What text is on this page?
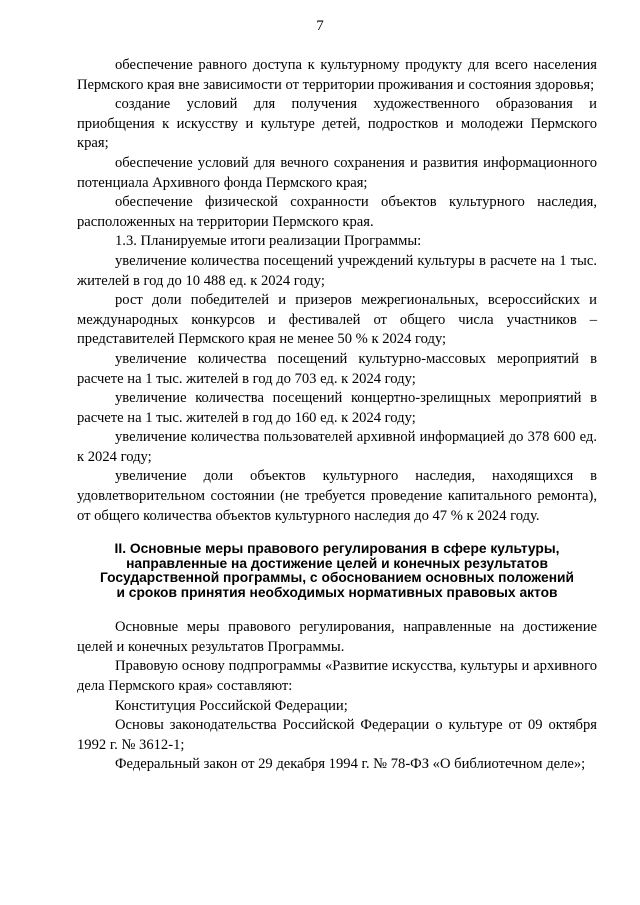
7

обеспечение равного доступа к культурному продукту для всего населения Пермского края вне зависимости от территории проживания и состояния здоровья;

создание условий для получения художественного образования и приобщения к искусству и культуре детей, подростков и молодежи Пермского края;

обеспечение условий для вечного сохранения и развития информационного потенциала Архивного фонда Пермского края;

обеспечение физической сохранности объектов культурного наследия, расположенных на территории Пермского края.

1.3. Планируемые итоги реализации Программы:

увеличение количества посещений учреждений культуры в расчете на 1 тыс. жителей в год до 10 488 ед. к 2024 году;

рост доли победителей и призеров межрегиональных, всероссийских и международных конкурсов и фестивалей от общего числа участников – представителей Пермского края не менее 50 % к 2024 году;

увеличение количества посещений культурно-массовых мероприятий в расчете на 1 тыс. жителей в год до 703 ед. к 2024 году;

увеличение количества посещений концертно-зрелищных мероприятий в расчете на 1 тыс. жителей в год до 160 ед. к 2024 году;

увеличение количества пользователей архивной информацией до 378 600 ед. к 2024 году;

увеличение доли объектов культурного наследия, находящихся в удовлетворительном состоянии (не требуется проведение капитального ремонта), от общего количества объектов культурного наследия до 47 % к 2024 году.

II. Основные меры правового регулирования в сфере культуры,
направленные на достижение целей и конечных результатов
Государственной программы, с обоснованием основных положений
и сроков принятия необходимых нормативных правовых актов

Основные меры правового регулирования, направленные на достижение целей и конечных результатов Программы.

Правовую основу подпрограммы «Развитие искусства, культуры и архивного дела Пермского края» составляют:

Конституция Российской Федерации;

Основы законодательства Российской Федерации о культуре от 09 октября 1992 г. № 3612-1;

Федеральный закон от 29 декабря 1994 г. № 78-ФЗ «О библиотечном деле»;
